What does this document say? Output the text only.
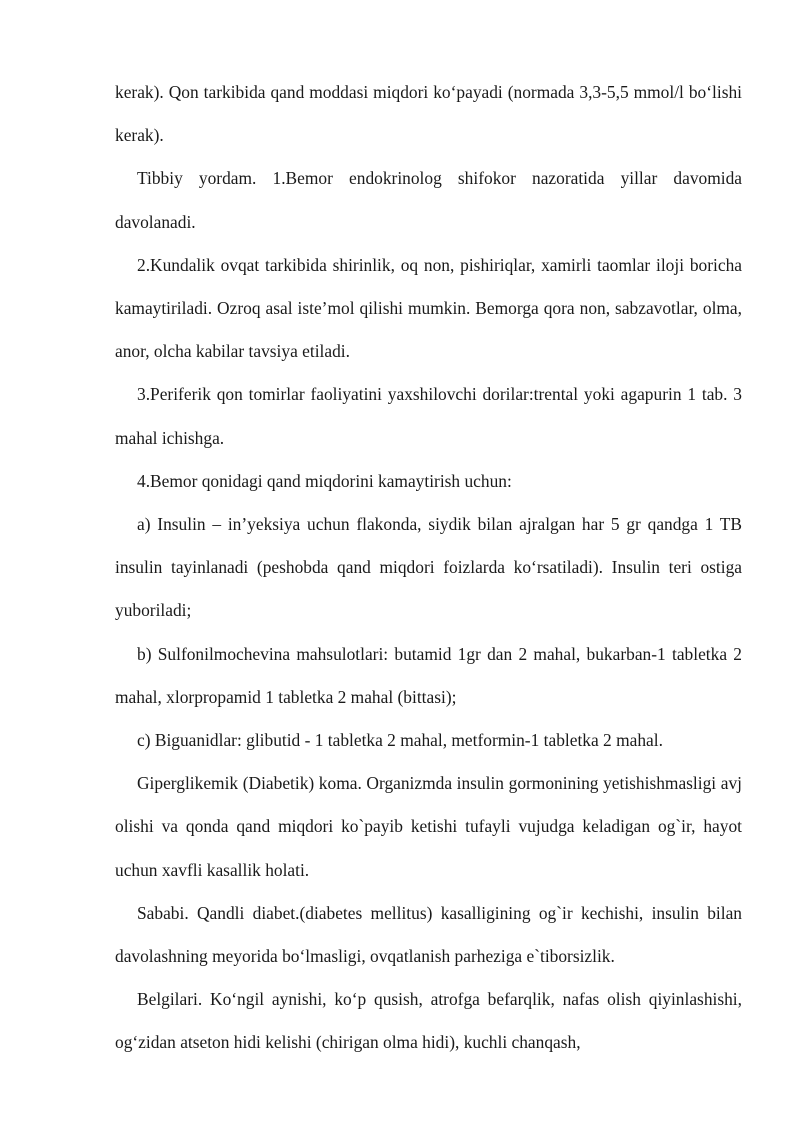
kerak). Qon tarkibida qand moddasi miqdori koʻpayadi (normada 3,3-5,5 mmol/l boʻlishi kerak).

Tibbiy yordam. 1.Bemor endokrinolog shifokor nazoratida yillar davomida davolanadi.

2.Kundalik ovqat tarkibida shirinlik, oq non, pishiriqlar, xamirli taomlar iloji boricha kamaytiriladi. Ozroq asal iste’mol qilishi mumkin. Bemorga qora non, sabzavotlar, olma, anor, olcha kabilar tavsiya etiladi.

3.Periferik qon tomirlar faoliyatini yaxshilovchi dorilar:trental yoki agapurin 1 tab. 3 mahal ichishga.

4.Bemor qonidagi qand miqdorini kamaytirish uchun:

a) Insulin – in’yeksiya uchun flakonda, siydik bilan ajralgan har 5 gr qandga 1 TB insulin tayinlanadi (peshobda qand miqdori foizlarda koʻrsatiladi). Insulin teri ostiga yuboriladi;

b) Sulfonilmochevina mahsulotlari: butamid 1gr dan 2 mahal, bukarban-1 tabletka 2 mahal, xlorpropamid 1 tabletka 2 mahal (bittasi);

c) Biguanidlar: glibutid - 1 tabletka 2 mahal, metformin-1 tabletka 2 mahal.

Giperglikemik (Diabetik) koma. Organizmda insulin gormonining yetishishmasligi avj olishi va qonda qand miqdori ko`payib ketishi tufayli vujudga keladigan og`ir, hayot uchun xavfli kasallik holati.

Sababi. Qandli diabet.(diabetes mellitus) kasalligining og`ir kechishi, insulin bilan davolashning meyorida boʻlmasligi, ovqatlanish parheziga e`tiborsizlik.

Belgilari. Koʻngil aynishi, koʻp qusish, atrofga befarqlik, nafas olish qiyinlashishi, ogʻzidan atseton hidi kelishi (chirigan olma hidi), kuchli chanqash,
